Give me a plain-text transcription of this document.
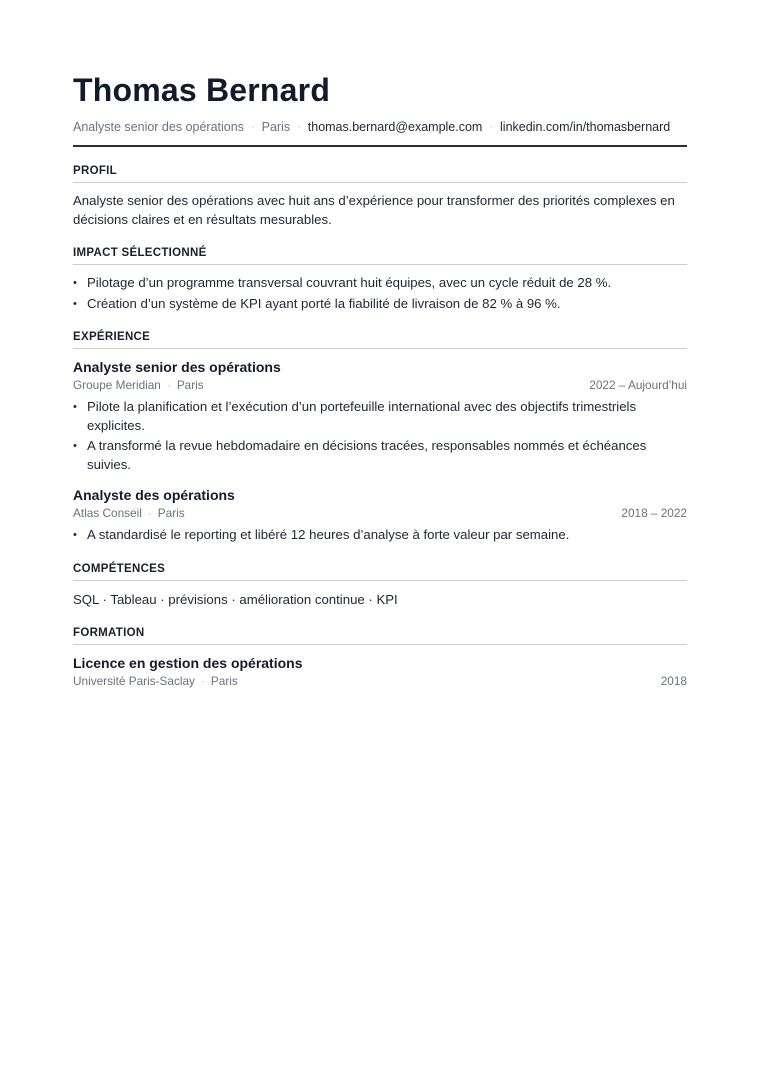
Thomas Bernard
Analyste senior des opérations · Paris · thomas.bernard@example.com · linkedin.com/in/thomasbernard
PROFIL

Analyste senior des opérations avec huit ans d’expérience pour transformer des priorités complexes en décisions claires et en résultats mesurables.

IMPACT SÉLECTIONNÉ
• Pilotage d’un programme transversal couvrant huit équipes, avec un cycle réduit de 28 %.
• Création d’un système de KPI ayant porté la fiabilité de livraison de 82 % à 96 %.
EXPÉRIENCE
Analyste senior des opérations
Groupe Meridian · Paris	2022 – Aujourd’hui
• Pilote la planification et l’exécution d’un portefeuille international avec des objectifs trimestriels explicites.
• A transformé la revue hebdomadaire en décisions tracées, responsables nommés et échéances suivies.
Analyste des opérations
Atlas Conseil · Paris	2018 – 2022
• A standardisé le reporting et libéré 12 heures d’analyse à forte valeur par semaine.
COMPÉTENCES

SQL · Tableau · prévisions · amélioration continue · KPI

FORMATION
Licence en gestion des opérations
Université Paris-Saclay · Paris	2018
